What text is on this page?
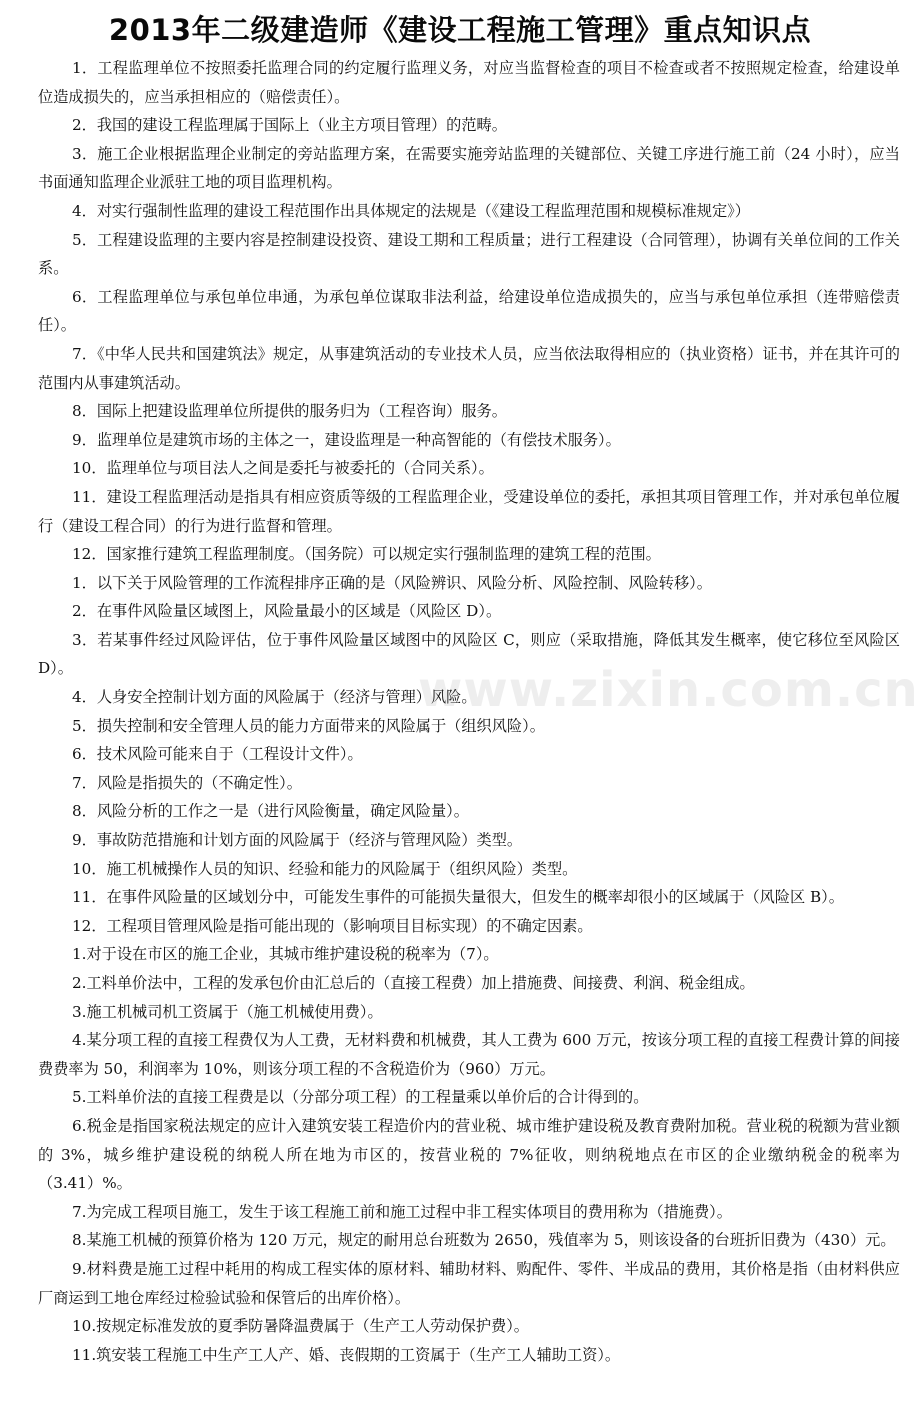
2013年二级建造师《建设工程施工管理》重点知识点

1．工程监理单位不按照委托监理合同的约定履行监理义务，对应当监督检查的项目不检查或者不按照规定检查，给建设单位造成损失的，应当承担相应的（赔偿责任）。

2．我国的建设工程监理属于国际上（业主方项目管理）的范畴。

3．施工企业根据监理企业制定的旁站监理方案，在需要实施旁站监理的关键部位、关键工序进行施工前（24 小时），应当书面通知监理企业派驻工地的项目监理机构。

4．对实行强制性监理的建设工程范围作出具体规定的法规是（《建设工程监理范围和规模标准规定》）

5．工程建设监理的主要内容是控制建设投资、建设工期和工程质量；进行工程建设（合同管理），协调有关单位间的工作关系。

6．工程监理单位与承包单位串通，为承包单位谋取非法利益，给建设单位造成损失的，应当与承包单位承担（连带赔偿责任）。

7．《中华人民共和国建筑法》规定，从事建筑活动的专业技术人员，应当依法取得相应的（执业资格）证书，并在其许可的范围内从事建筑活动。

8．国际上把建设监理单位所提供的服务归为（工程咨询）服务。

9．监理单位是建筑市场的主体之一，建设监理是一种高智能的（有偿技术服务）。

10．监理单位与项目法人之间是委托与被委托的（合同关系）。

11．建设工程监理活动是指具有相应资质等级的工程监理企业，受建设单位的委托，承担其项目管理工作，并对承包单位履行（建设工程合同）的行为进行监督和管理。

12．国家推行建筑工程监理制度。（国务院）可以规定实行强制监理的建筑工程的范围。

1．以下关于风险管理的工作流程排序正确的是（风险辨识、风险分析、风险控制、风险转移）。

2．在事件风险量区域图上，风险量最小的区域是（风险区 D）。

3．若某事件经过风险评估，位于事件风险量区域图中的风险区 C，则应（采取措施，降低其发生概率，使它移位至风险区 D）。

4．人身安全控制计划方面的风险属于（经济与管理）风险。

5．损失控制和安全管理人员的能力方面带来的风险属于（组织风险）。

6．技术风险可能来自于（工程设计文件）。

7．风险是指损失的（不确定性）。

8．风险分析的工作之一是（进行风险衡量，确定风险量）。

9．事故防范措施和计划方面的风险属于（经济与管理风险）类型。

10．施工机械操作人员的知识、经验和能力的风险属于（组织风险）类型。

11．在事件风险量的区域划分中，可能发生事件的可能损失量很大，但发生的概率却很小的区域属于（风险区 B）。

12．工程项目管理风险是指可能出现的（影响项目目标实现）的不确定因素。

1.对于设在市区的施工企业，其城市维护建设税的税率为（7）。

2.工料单价法中，工程的发承包价由汇总后的（直接工程费）加上措施费、间接费、利润、税金组成。

3.施工机械司机工资属于（施工机械使用费）。

4.某分项工程的直接工程费仅为人工费，无材料费和机械费，其人工费为 600 万元，按该分项工程的直接工程费计算的间接费费率为 50，利润率为 10%，则该分项工程的不含税造价为（960）万元。

5.工料单价法的直接工程费是以（分部分项工程）的工程量乘以单价后的合计得到的。

6.税金是指国家税法规定的应计入建筑安装工程造价内的营业税、城市维护建设税及教育费附加税。营业税的税额为营业额的 3%，城乡维护建设税的纳税人所在地为市区的，按营业税的 7%征收，则纳税地点在市区的企业缴纳税金的税率为（3.41）%。

7.为完成工程项目施工，发生于该工程施工前和施工过程中非工程实体项目的费用称为（措施费）。

8.某施工机械的预算价格为 120 万元，规定的耐用总台班数为 2650，残值率为 5，则该设备的台班折旧费为（430）元。

9.材料费是施工过程中耗用的构成工程实体的原材料、辅助材料、购配件、零件、半成品的费用，其价格是指（由材料供应厂商运到工地仓库经过检验试验和保管后的出库价格）。

10.按规定标准发放的夏季防暑降温费属于（生产工人劳动保护费）。

11.筑安装工程施工中生产工人产、婚、丧假期的工资属于（生产工人辅助工资）。

www.zixin.com.cn
